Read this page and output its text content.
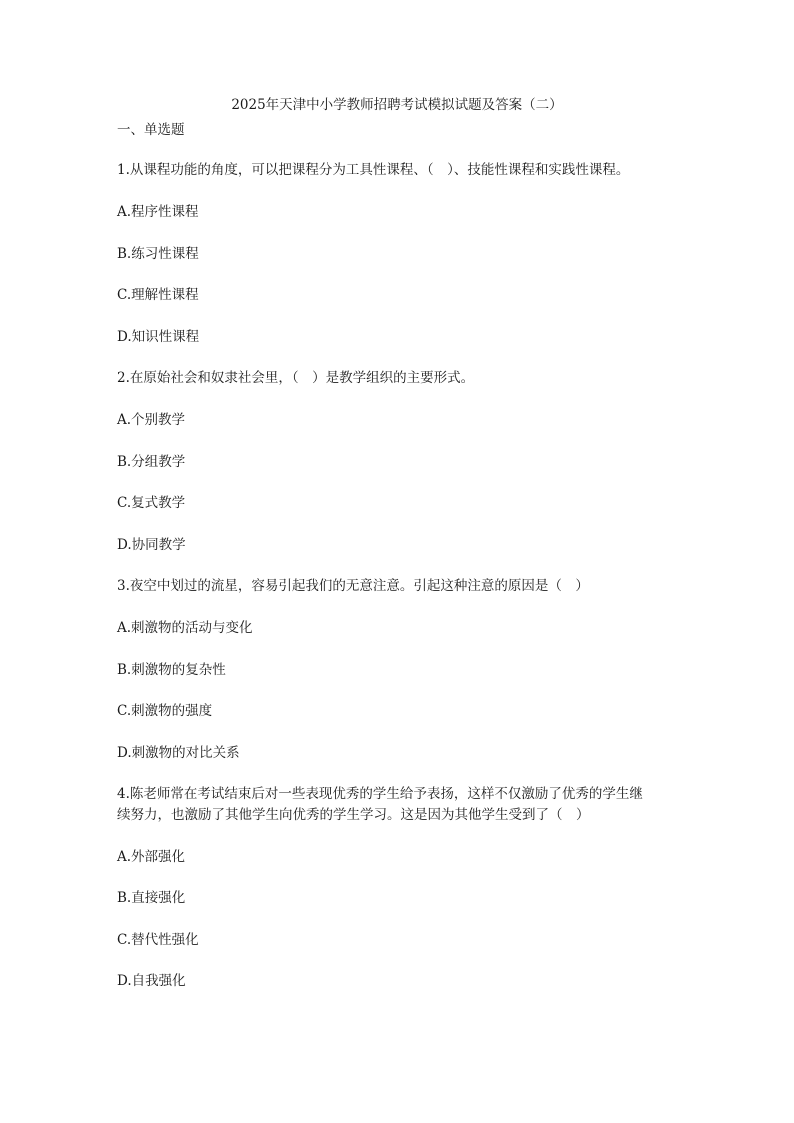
2025年天津中小学教师招聘考试模拟试题及答案（二）
一、单选题
1.从课程功能的角度，可以把课程分为工具性课程、（　）、技能性课程和实践性课程。
A.程序性课程
B.练习性课程
C.理解性课程
D.知识性课程
2.在原始社会和奴隶社会里，（　）是教学组织的主要形式。
A.个别教学
B.分组教学
C.复式教学
D.协同教学
3.夜空中划过的流星，容易引起我们的无意注意。引起这种注意的原因是（　）
A.刺激物的活动与变化
B.刺激物的复杂性
C.刺激物的强度
D.刺激物的对比关系
4.陈老师常在考试结束后对一些表现优秀的学生给予表扬，这样不仅激励了优秀的学生继
续努力，也激励了其他学生向优秀的学生学习。这是因为其他学生受到了（　）
A.外部强化
B.直接强化
C.替代性强化
D.自我强化
